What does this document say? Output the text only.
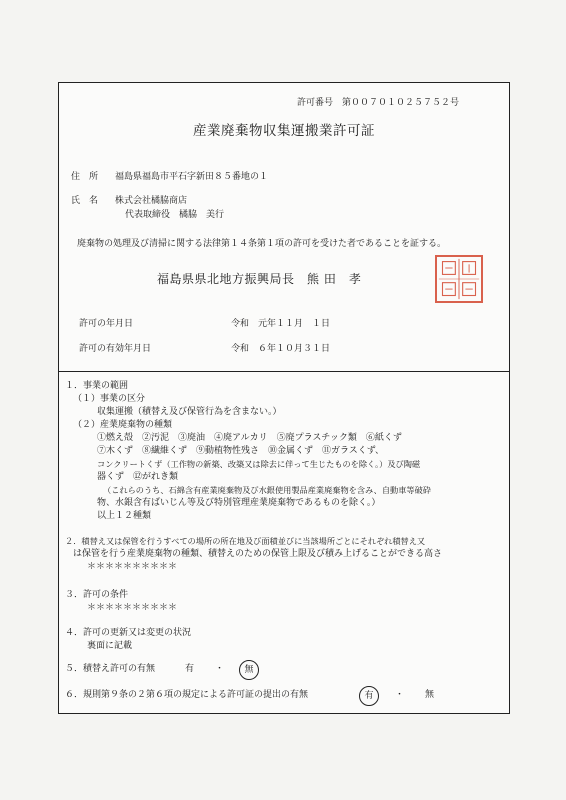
許可番号　第００７０１０２５７５２号
産業廃棄物収集運搬業許可証
住　所 福島県福島市平石字新田８５番地の１
氏　名 株式会社橘脇商店
代表取締役　橘脇　美行
廃棄物の処理及び清掃に関する法律第１４条第１項の許可を受けた者であることを証する。
福島県県北地方振興局長　熊 田　孝
許可の年月日	令和　元年１１月　１日
許可の有効年月日	令和　６年１０月３１日
１．事業の範囲
（１）事業の区分
収集運搬（積替え及び保管行為を含まない。）
（２）産業廃棄物の種類
①燃え殻　②汚泥　③廃油　④廃アルカリ　⑤廃プラスチック類　⑥紙くず
⑦木くず　⑧繊維くず　⑨動植物性残さ　⑩金属くず　⑪ガラスくず、
コンクリートくず（工作物の新築、改築又は除去に伴って生じたものを除く。）及び陶磁
器くず　⑫がれき類
（これらのうち、石綿含有産業廃棄物及び水銀使用製品産業廃棄物を含み、自動車等破砕
物、水銀含有ばいじん等及び特別管理産業廃棄物であるものを除く。）
以上１２種類
２．積替え又は保管を行うすべての場所の所在地及び面積並びに当該場所ごとにそれぞれ積替え又
は保管を行う産業廃棄物の種類、積替えのための保管上限及び積み上げることができる高さ
＊＊＊＊＊＊＊＊＊＊
３．許可の条件
＊＊＊＊＊＊＊＊＊＊
４．許可の更新又は変更の状況
裏面に記載
５．積替え許可の有無	有 ・	無
６．規則第９条の２第６項の規定による許可証の提出の有無	有	・ 無
